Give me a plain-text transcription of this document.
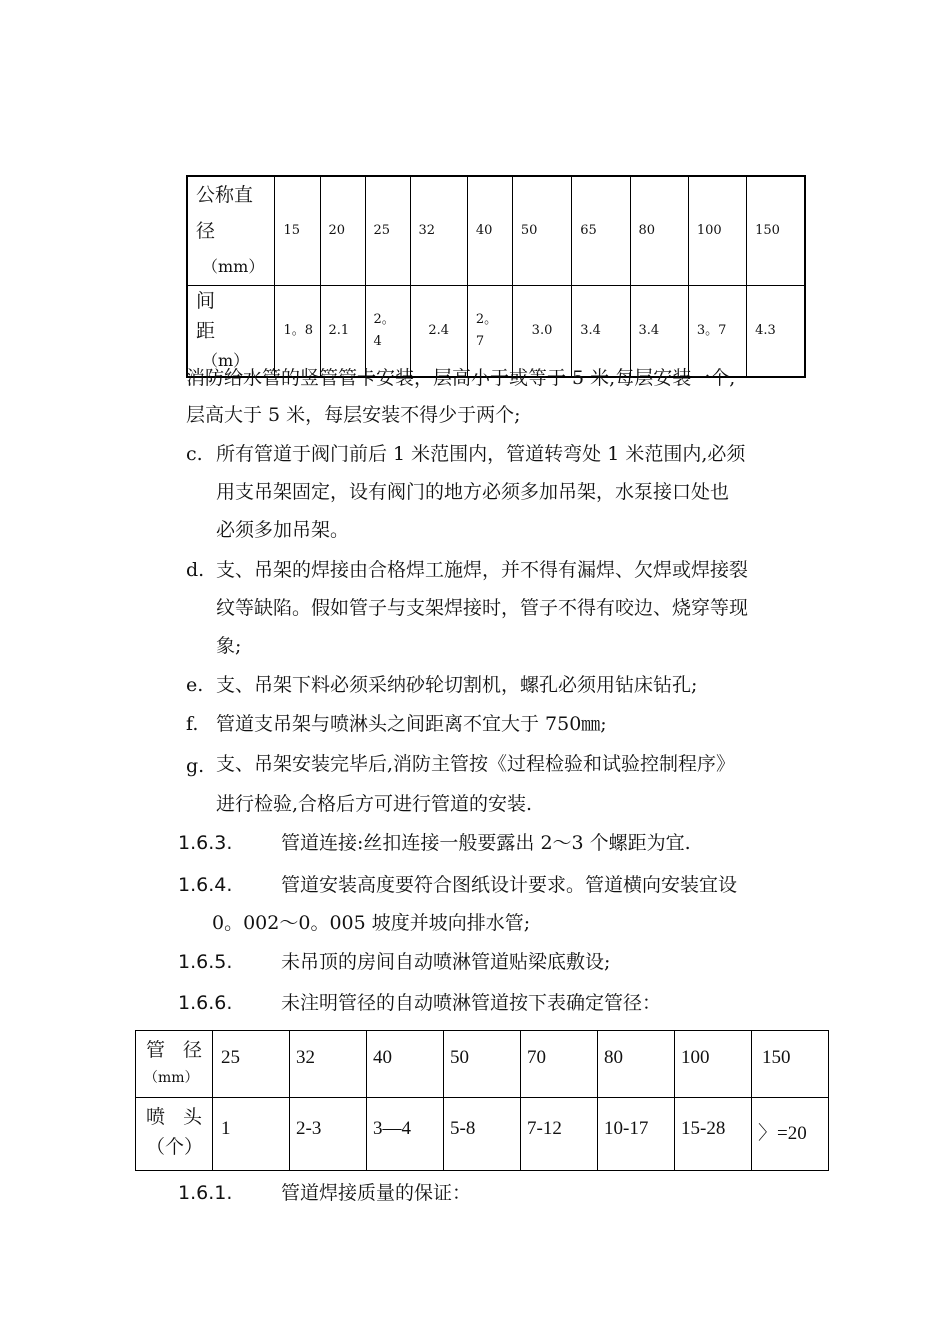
公称直
径
（mm）	15	20	25	32	40	50	65	80	100	150

间距
（m）	1。8	2.1	2。4	2.4	2。7	3.0	3.4	3.4	3。7	4.3
消防给水管的竖管管卡安装，层高小于或等于 5 米,每层安装一个,
层高大于 5 米，每层安装不得少于两个;
c. 所有管道于阀门前后 1 米范围内，管道转弯处 1 米范围内,必须
用支吊架固定，设有阀门的地方必须多加吊架，水泵接口处也
必须多加吊架。
d. 支、吊架的焊接由合格焊工施焊，并不得有漏焊、欠焊或焊接裂
纹等缺陷。假如管子与支架焊接时，管子不得有咬边、烧穿等现
象;
e. 支、吊架下料必须采纳砂轮切割机，螺孔必须用钻床钻孔;
f. 管道支吊架与喷淋头之间距离不宜大于 750㎜;
g. 支、吊架安装完毕后,消防主管按《过程检验和试验控制程序》
进行检验,合格后方可进行管道的安装.
1.6.3.	管道连接:丝扣连接一般要露出 2～3 个螺距为宜.
1.6.4.	管道安装高度要符合图纸设计要求。管道横向安装宜设
0。002～0。005 坡度并坡向排水管;
1.6.5.	未吊顶的房间自动喷淋管道贴梁底敷设;
1.6.6.	未注明管径的自动喷淋管道按下表确定管径：
管 径
（mm）	25	32	40	50	70	80	100	150

喷 头
（个）	1	2-3	3—4	5-8	7-12	10-17	15-28	〉=20
1.6.1.	管道焊接质量的保证：
